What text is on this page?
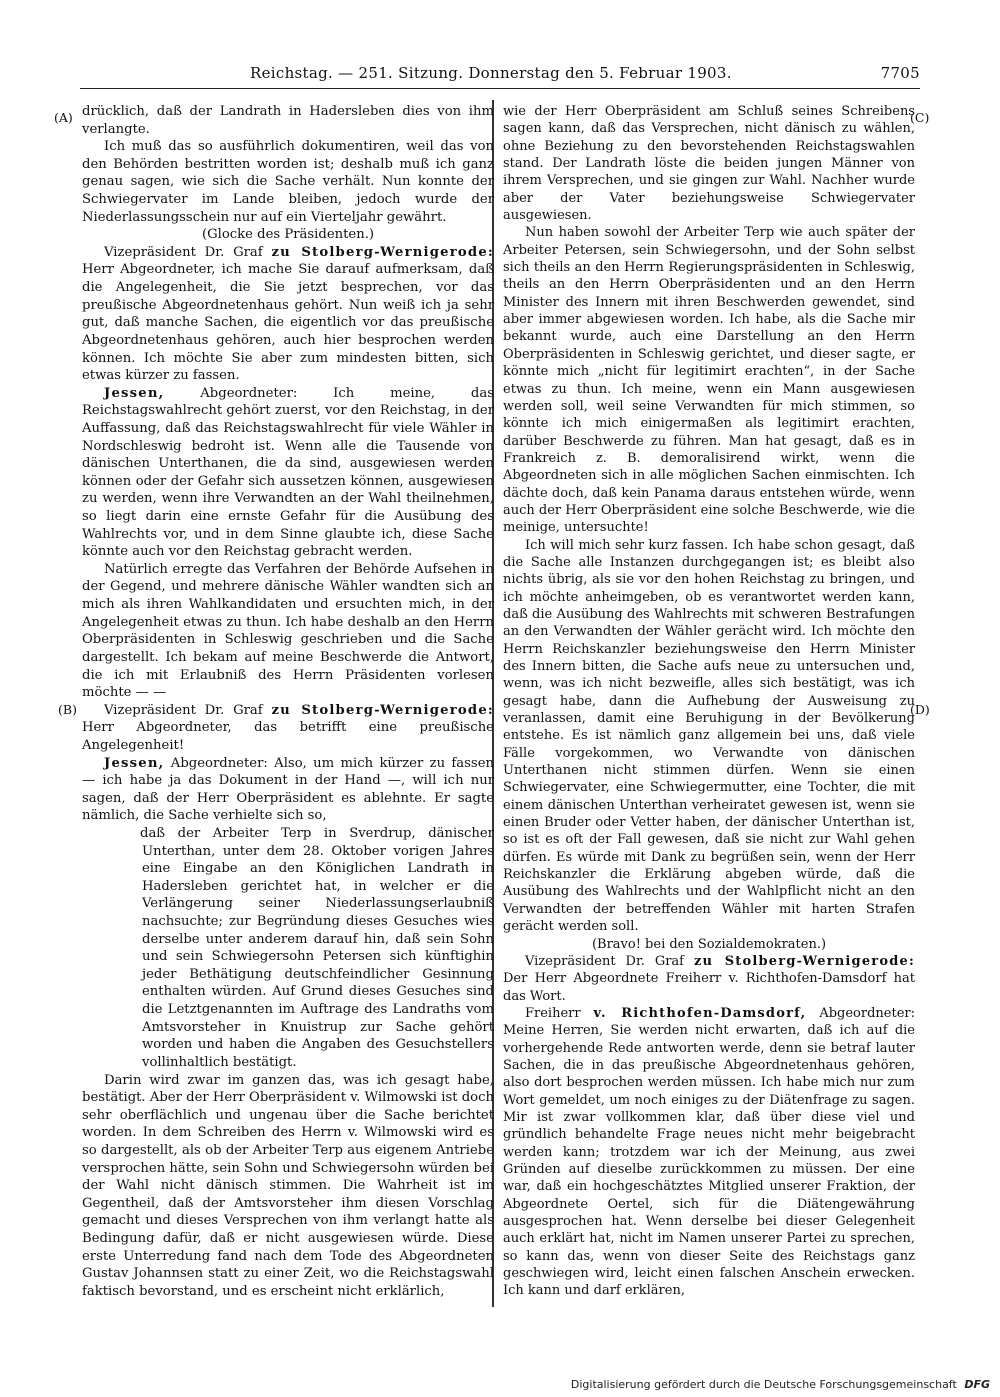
Reichstag. — 251. Sitzung. Donnerstag den 5. Februar 1903.	7705
(A)
(B)
(C)
(D)

drücklich, daß der Landrath in Hadersleben dies von ihm verlangte.

Ich muß das so ausführlich dokumentiren, weil das von den Behörden bestritten worden ist; deshalb muß ich ganz genau sagen, wie sich die Sache verhält. Nun konnte der Schwiegervater im Lande bleiben, jedoch wurde der Niederlassungsschein nur auf ein Vierteljahr gewährt.

(Glocke des Präsidenten.)

Vizepräsident Dr. Graf zu Stolberg-Wernigerode: Herr Abgeordneter, ich mache Sie darauf aufmerksam, daß die Angelegenheit, die Sie jetzt besprechen, vor das preußische Abgeordnetenhaus gehört. Nun weiß ich ja sehr gut, daß manche Sachen, die eigentlich vor das preußische Abgeordnetenhaus gehören, auch hier besprochen werden können. Ich möchte Sie aber zum mindesten bitten, sich etwas kürzer zu fassen.

Jessen, Abgeordneter: Ich meine, das Reichstagswahlrecht gehört zuerst, vor den Reichstag, in der Auffassung, daß das Reichstagswahlrecht für viele Wähler in Nordschleswig bedroht ist. Wenn alle die Tausende von dänischen Unterthanen, die da sind, ausgewiesen werden können oder der Gefahr sich aussetzen können, ausgewiesen zu werden, wenn ihre Verwandten an der Wahl theilnehmen, so liegt darin eine ernste Gefahr für die Ausübung des Wahlrechts vor, und in dem Sinne glaubte ich, diese Sache könnte auch vor den Reichstag gebracht werden.

Natürlich erregte das Verfahren der Behörde Aufsehen in der Gegend, und mehrere dänische Wähler wandten sich an mich als ihren Wahlkandidaten und ersuchten mich, in der Angelegenheit etwas zu thun. Ich habe deshalb an den Herrn Oberpräsidenten in Schleswig geschrieben und die Sache dargestellt. Ich bekam auf meine Beschwerde die Antwort, die ich mit Erlaubniß des Herrn Präsidenten vorlesen möchte — —

Vizepräsident Dr. Graf zu Stolberg-Wernigerode: Herr Abgeordneter, das betrifft eine preußische Angelegenheit!

Jessen, Abgeordneter: Also, um mich kürzer zu fassen — ich habe ja das Dokument in der Hand —, will ich nur sagen, daß der Herr Oberpräsident es ablehnte. Er sagte nämlich, die Sache verhielte sich so,

daß der Arbeiter Terp in Sverdrup, dänischer Unterthan, unter dem 28. Oktober vorigen Jahres eine Eingabe an den Königlichen Landrath in Hadersleben gerichtet hat, in welcher er die Verlängerung seiner Niederlassungserlaubniß nachsuchte; zur Begründung dieses Gesuches wies derselbe unter anderem darauf hin, daß sein Sohn und sein Schwiegersohn Petersen sich künftighin jeder Bethätigung deutschfeindlicher Gesinnung enthalten würden. Auf Grund dieses Gesuches sind die Letztgenannten im Auftrage des Landraths vom Amtsvorsteher in Knuistrup zur Sache gehört worden und haben die Angaben des Gesuchstellers vollinhaltlich bestätigt.

Darin wird zwar im ganzen das, was ich gesagt habe, bestätigt. Aber der Herr Oberpräsident v. Wilmowski ist doch sehr oberflächlich und ungenau über die Sache berichtet worden. In dem Schreiben des Herrn v. Wilmowski wird es so dargestellt, als ob der Arbeiter Terp aus eigenem Antriebe versprochen hätte, sein Sohn und Schwiegersohn würden bei der Wahl nicht dänisch stimmen. Die Wahrheit ist im Gegentheil, daß der Amtsvorsteher ihm diesen Vorschlag gemacht und dieses Versprechen von ihm verlangt hatte als Bedingung dafür, daß er nicht ausgewiesen würde. Diese erste Unterredung fand nach dem Tode des Abgeordneten Gustav Johannsen statt zu einer Zeit, wo die Reichstagswahl faktisch bevorstand, und es erscheint nicht erklärlich,

wie der Herr Oberpräsident am Schluß seines Schreibens sagen kann, daß das Versprechen, nicht dänisch zu wählen, ohne Beziehung zu den bevorstehenden Reichstagswahlen stand. Der Landrath löste die beiden jungen Männer von ihrem Versprechen, und sie gingen zur Wahl. Nachher wurde aber der Vater beziehungsweise Schwiegervater ausgewiesen.

Nun haben sowohl der Arbeiter Terp wie auch später der Arbeiter Petersen, sein Schwiegersohn, und der Sohn selbst sich theils an den Herrn Regierungspräsidenten in Schleswig, theils an den Herrn Oberpräsidenten und an den Herrn Minister des Innern mit ihren Beschwerden gewendet, sind aber immer abgewiesen worden. Ich habe, als die Sache mir bekannt wurde, auch eine Darstellung an den Herrn Oberpräsidenten in Schleswig gerichtet, und dieser sagte, er könnte mich „nicht für legitimirt erachten“, in der Sache etwas zu thun. Ich meine, wenn ein Mann ausgewiesen werden soll, weil seine Verwandten für mich stimmen, so könnte ich mich einigermaßen als legitimirt erachten, darüber Beschwerde zu führen. Man hat gesagt, daß es in Frankreich z. B. demoralisirend wirkt, wenn die Abgeordneten sich in alle möglichen Sachen einmischten. Ich dächte doch, daß kein Panama daraus entstehen würde, wenn auch der Herr Oberpräsident eine solche Beschwerde, wie die meinige, untersuchte!

Ich will mich sehr kurz fassen. Ich habe schon gesagt, daß die Sache alle Instanzen durchgegangen ist; es bleibt also nichts übrig, als sie vor den hohen Reichstag zu bringen, und ich möchte anheimgeben, ob es verantwortet werden kann, daß die Ausübung des Wahlrechts mit schweren Bestrafungen an den Verwandten der Wähler gerächt wird. Ich möchte den Herrn Reichskanzler beziehungsweise den Herrn Minister des Innern bitten, die Sache aufs neue zu untersuchen und, wenn, was ich nicht bezweifle, alles sich bestätigt, was ich gesagt habe, dann die Aufhebung der Ausweisung zu veranlassen, damit eine Beruhigung in der Bevölkerung entstehe. Es ist nämlich ganz allgemein bei uns, daß viele Fälle vorgekommen, wo Verwandte von dänischen Unterthanen nicht stimmen dürfen. Wenn sie einen Schwiegervater, eine Schwiegermutter, eine Tochter, die mit einem dänischen Unterthan verheiratet gewesen ist, wenn sie einen Bruder oder Vetter haben, der dänischer Unterthan ist, so ist es oft der Fall gewesen, daß sie nicht zur Wahl gehen dürfen. Es würde mit Dank zu begrüßen sein, wenn der Herr Reichskanzler die Erklärung abgeben würde, daß die Ausübung des Wahlrechts und der Wahlpflicht nicht an den Verwandten der betreffenden Wähler mit harten Strafen gerächt werden soll.

(Bravo! bei den Sozialdemokraten.)

Vizepräsident Dr. Graf zu Stolberg-Wernigerode: Der Herr Abgeordnete Freiherr v. Richthofen-Damsdorf hat das Wort.

Freiherr v. Richthofen-Damsdorf, Abgeordneter: Meine Herren, Sie werden nicht erwarten, daß ich auf die vorhergehende Rede antworten werde, denn sie betraf lauter Sachen, die in das preußische Abgeordnetenhaus gehören, also dort besprochen werden müssen. Ich habe mich nur zum Wort gemeldet, um noch einiges zu der Diätenfrage zu sagen. Mir ist zwar vollkommen klar, daß über diese viel und gründlich behandelte Frage neues nicht mehr beigebracht werden kann; trotzdem war ich der Meinung, aus zwei Gründen auf dieselbe zurückkommen zu müssen. Der eine war, daß ein hochgeschätztes Mitglied unserer Fraktion, der Abgeordnete Oertel, sich für die Diätengewährung ausgesprochen hat. Wenn derselbe bei dieser Gelegenheit auch erklärt hat, nicht im Namen unserer Partei zu sprechen, so kann das, wenn von dieser Seite des Reichstags ganz geschwiegen wird, leicht einen falschen Anschein erwecken. Ich kann und darf erklären,

Digitalisierung gefördert durch die Deutsche Forschungsgemeinschaft DFG
